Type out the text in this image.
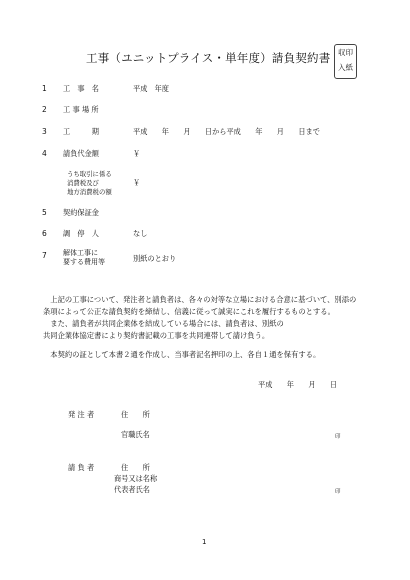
工事（ユニットプライス・単年度）請負契約書	収印
入紙
1 工　事　名	平成　年度
2 工 事 場 所
3 工　　　期	平成　　年　　月　　日から平成　　年　　月　　日まで
4 請負代金額	￥
うち取引に係る
消費税及び
地方消費税の額
￥
5 契約保証金
6 調　停　人	なし
7 解体工事に
要する費用等	別紙のとおり
　上記の工事について、発注者と請負者は、各々の対等な立場における合意に基づいて、別添の
条項によって公正な請負契約を締結し、信義に従って誠実にこれを履行するものとする。
　また、請負者が共同企業体を結成している場合には、請負者は、別紙の
共同企業体協定書により契約書記載の工事を共同連帯して請け負う。
　本契約の証として本書２通を作成し、当事者記名押印の上、各自１通を保有する。
平成　　年　　月　　日
発 注 者	住　　所
官職氏名	印
請 負 者	住　　所
商号又は名称
代表者氏名	印
1
